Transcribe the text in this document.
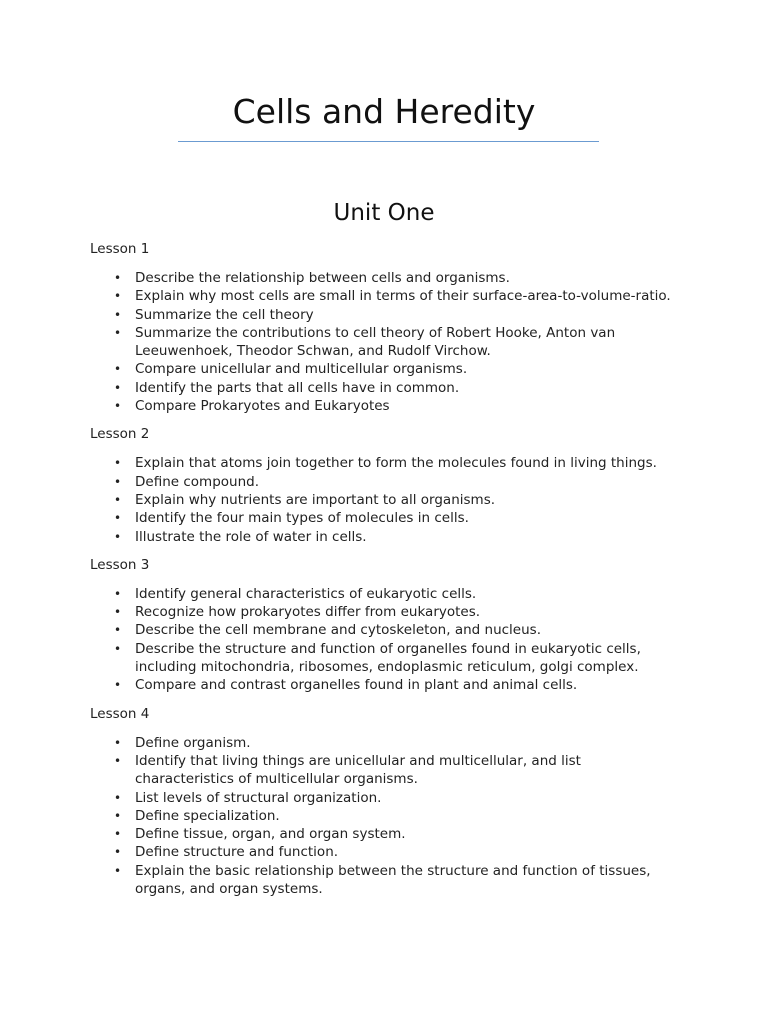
Cells and Heredity
Unit One

Lesson 1

• Describe the relationship between cells and organisms.
• Explain why most cells are small in terms of their surface-area-to-volume-ratio.
• Summarize the cell theory
• Summarize the contributions to cell theory of Robert Hooke, Anton van Leeuwenhoek, Theodor Schwan, and Rudolf Virchow.
• Compare unicellular and multicellular organisms.
• Identify the parts that all cells have in common.
• Compare Prokaryotes and Eukaryotes

Lesson 2

• Explain that atoms join together to form the molecules found in living things.
• Define compound.
• Explain why nutrients are important to all organisms.
• Identify the four main types of molecules in cells.
• Illustrate the role of water in cells.

Lesson 3

• Identify general characteristics of eukaryotic cells.
• Recognize how prokaryotes differ from eukaryotes.
• Describe the cell membrane and cytoskeleton, and nucleus.
• Describe the structure and function of organelles found in eukaryotic cells, including mitochondria, ribosomes, endoplasmic reticulum, golgi complex.
• Compare and contrast organelles found in plant and animal cells.

Lesson 4

• Define organism.
• Identify that living things are unicellular and multicellular, and list characteristics of multicellular organisms.
• List levels of structural organization.
• Define specialization.
• Define tissue, organ, and organ system.
• Define structure and function.
• Explain the basic relationship between the structure and function of tissues, organs, and organ systems.
